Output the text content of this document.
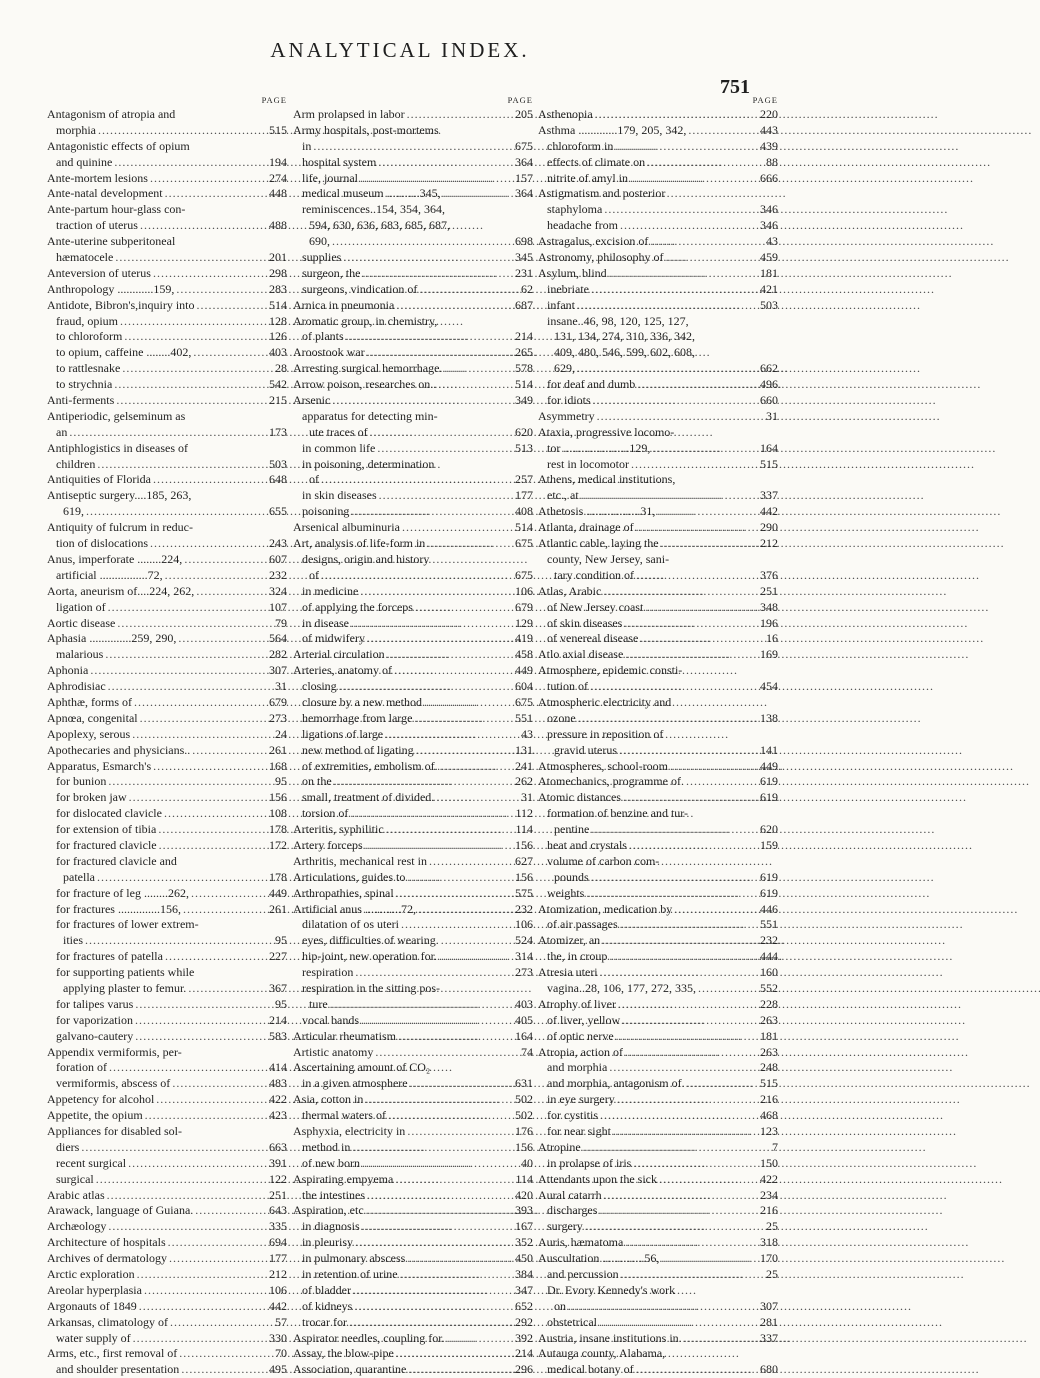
ANALYTICAL INDEX.
751
PAGE
Antagonism of atropia and
morphia . . .	515
Antagonistic effects of opium
and quinine . . .	194
Ante-mortem lesions . . .	274
Ante-natal development . . .	448
Ante-partum hour-glass con-
traction of uterus . . .	488
Ante-uterine subperitoneal
hæmatocele . . .	201
Anteversion of uterus . . .	298
Anthropology ............159, . . .	283
Antidote, Bibron's,inquiry into . . .	514
fraud, opium . . .	128
to chloroform . . .	126
to opium, caffeine ........402, . . .	403
to rattlesnake . . .	28
to strychnia . . .	542
Anti-ferments . . .	215
Antiperiodic, gelseminum as
an . . .	173
Antiphlogistics in diseases of
children . . .	503
Antiquities of Florida . . .	648
Antiseptic surgery....185, 263,
619, . . .	655
Antiquity of fulcrum in reduc-
tion of dislocations . . .	243
Anus, imperforate ........224, . . .	607
artificial ................72, . . .	232
Aorta, aneurism of....224, 262, . . .	324
ligation of . . .	107
Aortic disease . . .	79
Aphasia ..............259, 290, . . .	564
malarious . . .	282
Aphonia . . .	307
Aphrodisiac . . .	31
Aphthæ, forms of . . .	679
Apnœa, congenital . . .	273
Apoplexy, serous . . .	24
Apothecaries and physicians.. . . .	261
Apparatus, Esmarch's . . .	168
for bunion . . .	95
for broken jaw . . .	156
for dislocated clavicle . . .	108
for extension of tibia . . .	178
for fractured clavicle . . .	172
for fractured clavicle and
patella . . .	178
for fracture of leg ........262, . . .	449
for fractures ..............156, . . .	261
for fractures of lower extrem-
ities . . .	95
for fractures of patella . . .	227
for supporting patients while
applying plaster to femur. . . .	367
for talipes varus . . .	95
for vaporization . . .	214
galvano-cautery . . .	583
Appendix vermiformis, per-
foration of . . .	414
vermiformis, abscess of . . .	483
Appetency for alcohol . . .	422
Appetite, the opium . . .	423
Appliances for disabled sol-
diers . . .	663
recent surgical . . .	391
surgical . . .	122
Arabic atlas . . .	251
Arawack, language of Guiana. . . .	643
Archæology . . .	335
Architecture of hospitals . . .	694
Archives of dermatology . . .	177
Arctic exploration . . .	212
Areolar hyperplasia . . .	106
Argonauts of 1849 . . .	442
Arkansas, climatology of . . .	57
water supply of . . .	330
Arms, etc., first removal of . . .	70
and shoulder presentation . . .	495
PAGE
Arm prolapsed in labor . . .	205
Army hospitals, post-mortems
in . . .	675
hospital system . . .	364
life, journal . . .	157
medical museum ...........345, . . .	364
reminiscences..154, 354, 364,
594, 630, 636, 683, 685, 687,
690, . . .	698
supplies . . .	345
surgeon, the . . .	231
surgeons, vindication of . . .	62
Arnica in pneumonia . . .	687
Aromatic group, in chemistry,
of plants . . .	214
Aroostook war . . .	265
Arresting surgical hemorrhage. . . .	578
Arrow poison, researches on.. . . .	514
Arsenic . . .	349
apparatus for detecting min-
ute traces of . . .	620
in common life . . .	513
in poisoning, determination
of . . .	257
in skin diseases . . .	177
poisoning . . .	408
Arsenical albuminuria . . .	514
Art, analysis of life-form in . . .	675
designs, origin and history
of . . .	675
in medicine . . .	106
of applying the forceps . . .	679
in disease . . .	129
of midwifery . . .	419
Arterial circulation . . .	458
Arteries, anatomy of . . .	449
closing . . .	604
closure by a new method . . .	675
hemorrhage from large . . .	551
ligations of large . . .	43
new method of ligating . . .	131
of extremities, embolism of. . . .	241
on the . . .	262
small, treatment of divided. . . .	31
torsion of . . .	112
Arteritis, syphilitic . . .	114
Artery forceps . . .	156
Arthritis, mechanical rest in . . .	627
Articulations, guides to . . .	156
Arthropathies, spinal . . .	575
Artificial anus ............72, . . .	232
dilatation of os uteri . . .	106
eyes, difficulties of wearing. . . .	524
hip-joint, new operation for. . . .	314
respiration . . .	273
respiration in the sitting pos-
ture . . .	403
vocal bands . . .	405
Articular rheumatism . . .	164
Artistic anatomy . . .	74
Ascertaining amount of CO₂
in a given atmosphere . . .	631
Asia, cotton in . . .	502
thermal waters of . . .	502
Asphyxia, electricity in . . .	176
method in . . .	156
of new born . . .	40
Aspirating empyema . . .	114
the intestines . . .	420
Aspiration, etc . . .	393
in diagnosis . . .	167
in pleurisy . . .	352
in pulmonary abscess . . .	450
in retention of urine . . .	384
of bladder . . .	347
of kidneys . . .	652
trocar for . . .	292
Aspirator needles, coupling for. . . .	392
Assay, the blow-pipe . . .	214
Association, quarantine . . .	296
PAGE
Asthenopia . . .	220
Asthma .............179, 205, 342, . . .	443
chloroform in . . .	439
effects of climate on . . .	88
nitrite of amyl in . . .	666
Astigmatism and posterior
staphyloma . . .	346
headache from . . .	346
Astragalus, excision of . . .	43
Astronomy, philosophy of . . .	459
Asylum, blind . . .	181
inebriate . . .	421
infant . . .	503
insane..46, 98, 120, 125, 127,
131, 134, 274, 310, 336, 342,
409, 480, 546, 599, 602, 608,
629, . . .	662
for deaf and dumb . . .	496
for idiots . . .	660
Asymmetry . . .	31
Ataxia, progressive locomo-
tor ......................129, . . .	164
rest in locomotor . . .	515
Athens, medical institutions,
etc., at . . .	337
Athetosis ..................31, . . .	442
Atlanta, drainage of . . .	290
Atlantic cable, laying the . . .	212
county, New Jersey, sani-
tary condition of . . .	376
Atlas, Arabic . . .	251
of New Jersey coast . . .	348
of skin diseases . . .	196
of venereal disease . . .	16
Atlo axial disease . . .	169
Atmosphere, epidemic consti-
tution of . . .	454
Atmospheric electricity and
ozone . . .	138
pressure in reposition of
gravid uterus . . .	141
Atmospheres, school-room . . .	449
Atomechanics, programme of. . . .	619
Atomic distances . . .	619
formation of benzine and tur-
pentine . . .	620
heat and crystals . . .	159
volume of carbon com-
pounds . . .	619
weights . . .	619
Atomization, medication by . . .	446
of air passages . . .	551
Atomizer, an . . .	232
the, in croup . . .	444
Atresia uteri . . .	160
vagina..28, 106, 177, 272, 335, . . .	552
Atrophy of liver . . .	228
of liver, yellow . . .	263
of optic nerve . . .	181
Atropia, action of . . .	263
and morphia . . .	248
and morphia, antagonism of. . . .	515
in eye surgery . . .	216
for cystitis . . .	468
for near sight . . .	123
Atropine . . .	7
in prolapse of iris . . .	150
Attendants upon the sick . . .	422
Aural catarrh . . .	234
discharges . . .	216
surgery . . .	25
Auris, hæmatoma . . .	318
Auscultation ..............56, . . .	170
and percussion . . .	25
Dr. Evory Kennedy's work
on . . .	307
obstetrical . . .	281
Austria, insane institutions in. . . .	337
Autauga county, Alabama,
medical botany of . . .	680
